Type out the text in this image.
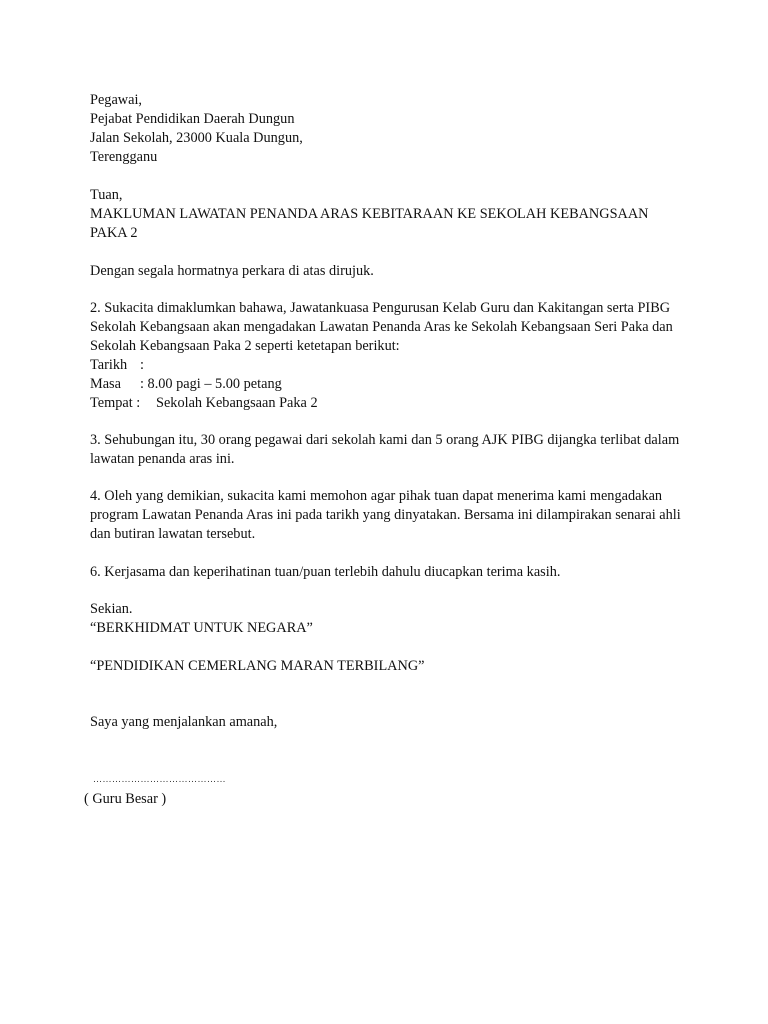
Pegawai,
Pejabat Pendidikan Daerah Dungun
Jalan Sekolah, 23000 Kuala Dungun,
Terengganu
Tuan,
MAKLUMAN LAWATAN PENANDA ARAS KEBITARAAN KE SEKOLAH KEBANGSAAN
PAKA 2
Dengan segala hormatnya perkara di atas dirujuk.
2. Sukacita dimaklumkan bahawa, Jawatankuasa Pengurusan Kelab Guru dan Kakitangan serta PIBG
Sekolah Kebangsaan akan mengadakan Lawatan Penanda Aras ke Sekolah Kebangsaan Seri Paka dan
Sekolah Kebangsaan Paka 2 seperti ketetapan berikut:
Tarikh :
Masa : 8.00 pagi – 5.00 petang
Tempat : Sekolah Kebangsaan Paka 2
3. Sehubungan itu, 30 orang pegawai dari sekolah kami dan 5 orang AJK PIBG dijangka terlibat dalam
lawatan penanda aras ini.
4. Oleh yang demikian, sukacita kami memohon agar pihak tuan dapat menerima kami mengadakan
program Lawatan Penanda Aras ini pada tarikh yang dinyatakan. Bersama ini dilampirakan senarai ahli
dan butiran lawatan tersebut.
6. Kerjasama dan keperihatinan tuan/puan terlebih dahulu diucapkan terima kasih.
Sekian.
“BERKHIDMAT UNTUK NEGARA”
“PENDIDIKAN CEMERLANG MARAN TERBILANG”
Saya yang menjalankan amanah,
……………………………………
( Guru Besar )
